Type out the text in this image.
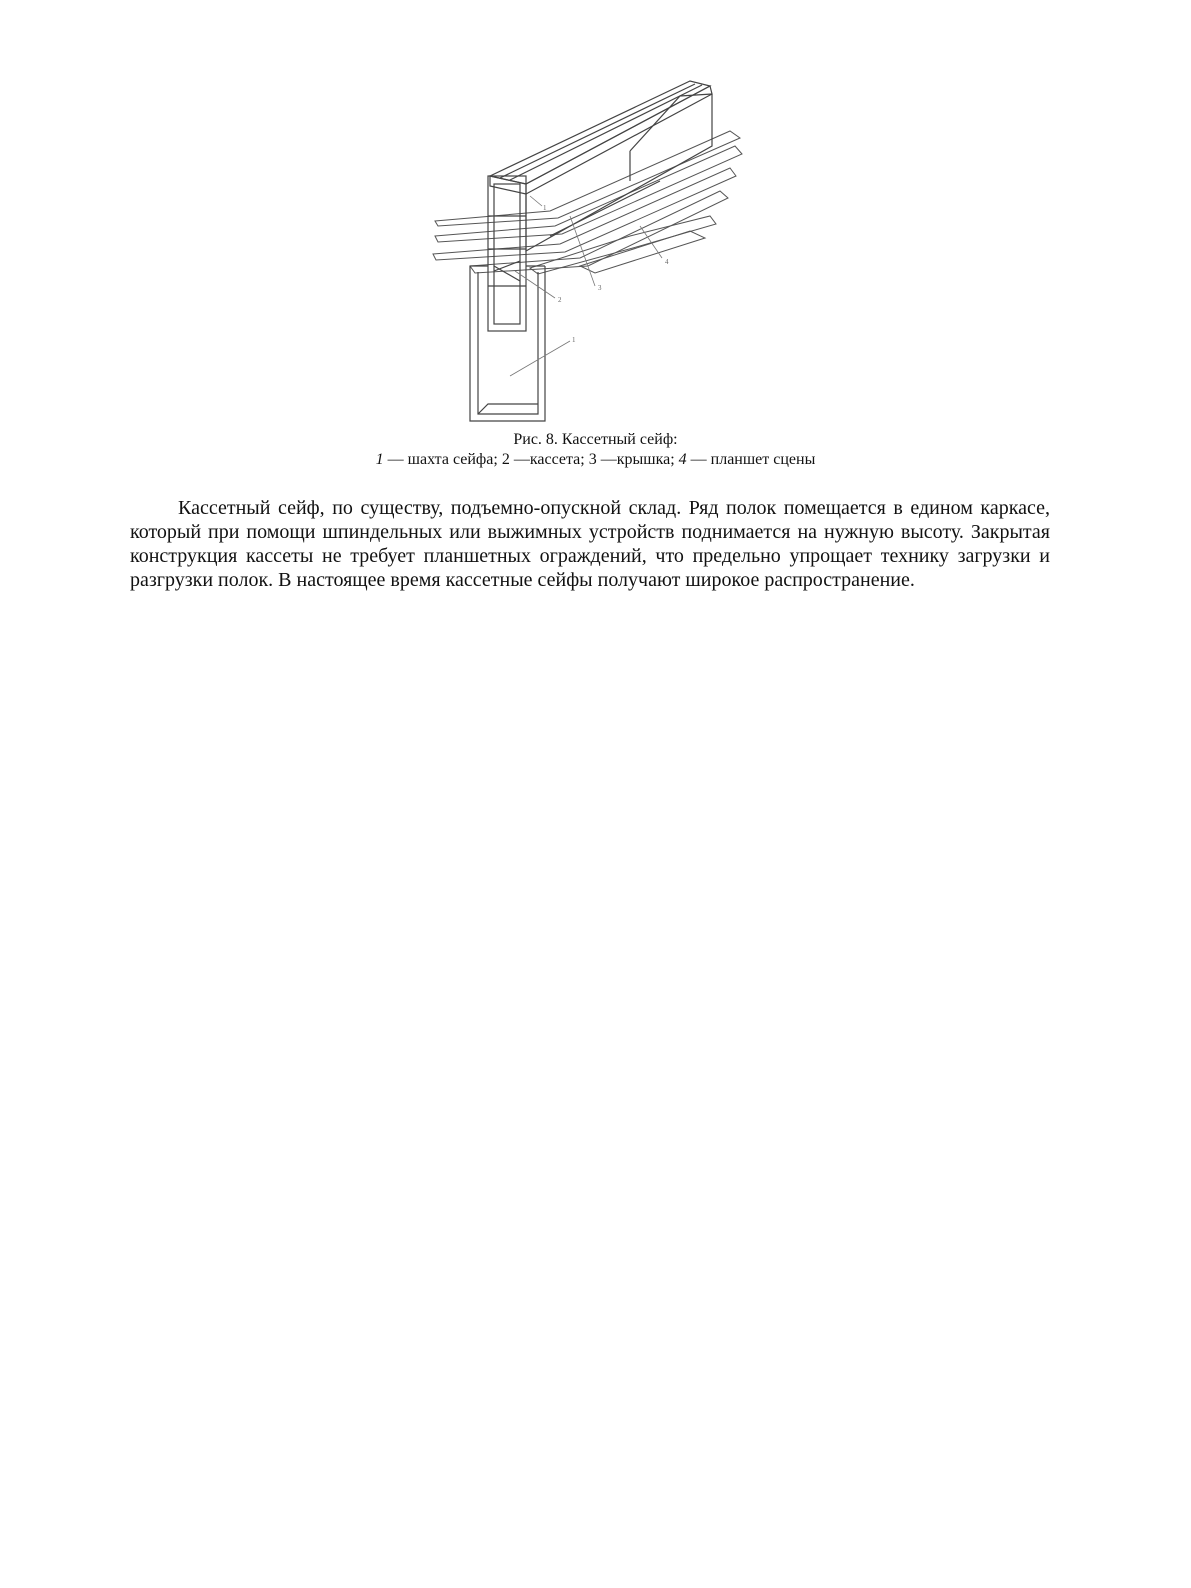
1
2
3
4
1
Рис. 8. Кассетный сейф:
1 — шахта сейфа; 2 —кассета; 3 —крышка; 4 — планшет сцены

Кассетный сейф, по существу, подъемно-опускной склад. Ряд полок помещается в едином каркасе, который при помощи шпиндельных или выжимных устройств поднимается на нужную высоту. Закрытая конструкция кассеты не требует планшетных ограждений, что предельно упрощает технику загрузки и разгрузки полок. В настоящее время кассетные сейфы получают широкое распространение.
